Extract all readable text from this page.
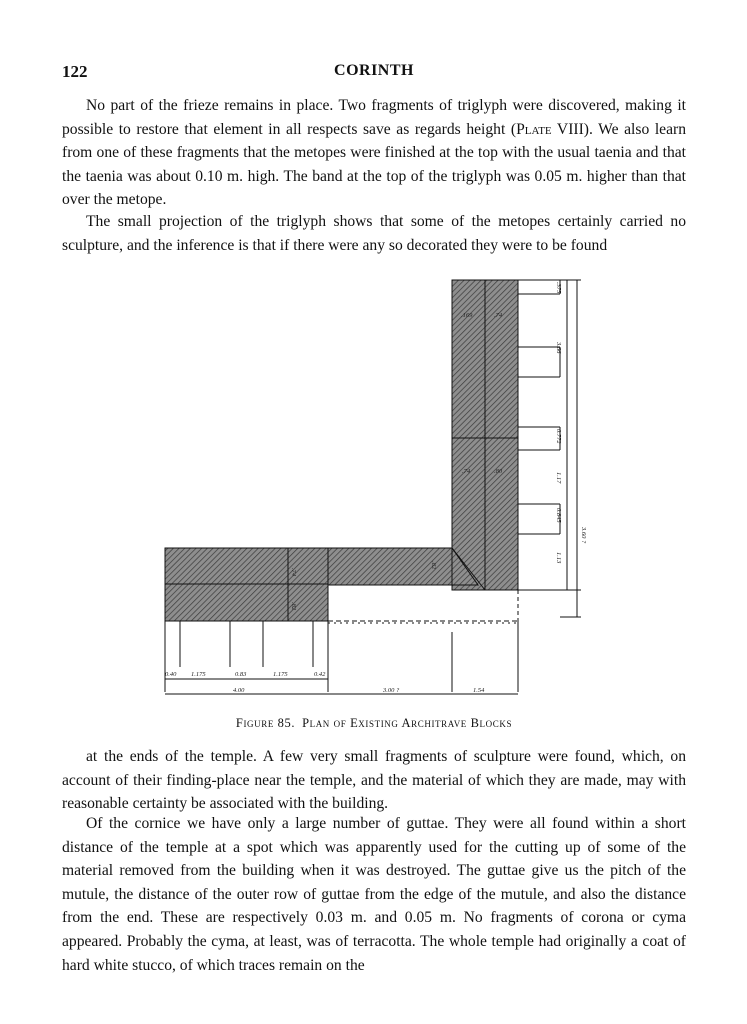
122	CORINTH

No part of the frieze remains in place. Two fragments of triglyph were discovered, making it possible to restore that element in all respects save as regards height (Plate VIII). We also learn from one of these fragments that the metopes were finished at the top with the usual taenia and that the taenia was about 0.10 m. high. The band at the top of the triglyph was 0.05 m. higher than that over the metope.

The small projection of the triglyph shows that some of the metopes certainly carried no sculpture, and the inference is that if there were any so decorated they were to be found

.169	.74
.74	.80
.74
.82
.82
.375
3.66
0.772
1.17
0.845
1.13
3.60 ?
0.40 1.175	0.83	1.175	0.42
4.00	3.00 ?	1.54
Figure 85. Plan of Existing Architrave Blocks

at the ends of the temple. A few very small fragments of sculpture were found, which, on account of their finding-place near the temple, and the material of which they are made, may with reasonable certainty be associated with the building.

Of the cornice we have only a large number of guttae. They were all found within a short distance of the temple at a spot which was apparently used for the cutting up of some of the material removed from the building when it was destroyed. The guttae give us the pitch of the mutule, the distance of the outer row of guttae from the edge of the mutule, and also the distance from the end. These are respectively 0.03 m. and 0.05 m. No fragments of corona or cyma appeared. Probably the cyma, at least, was of terracotta. The whole temple had originally a coat of hard white stucco, of which traces remain on the
